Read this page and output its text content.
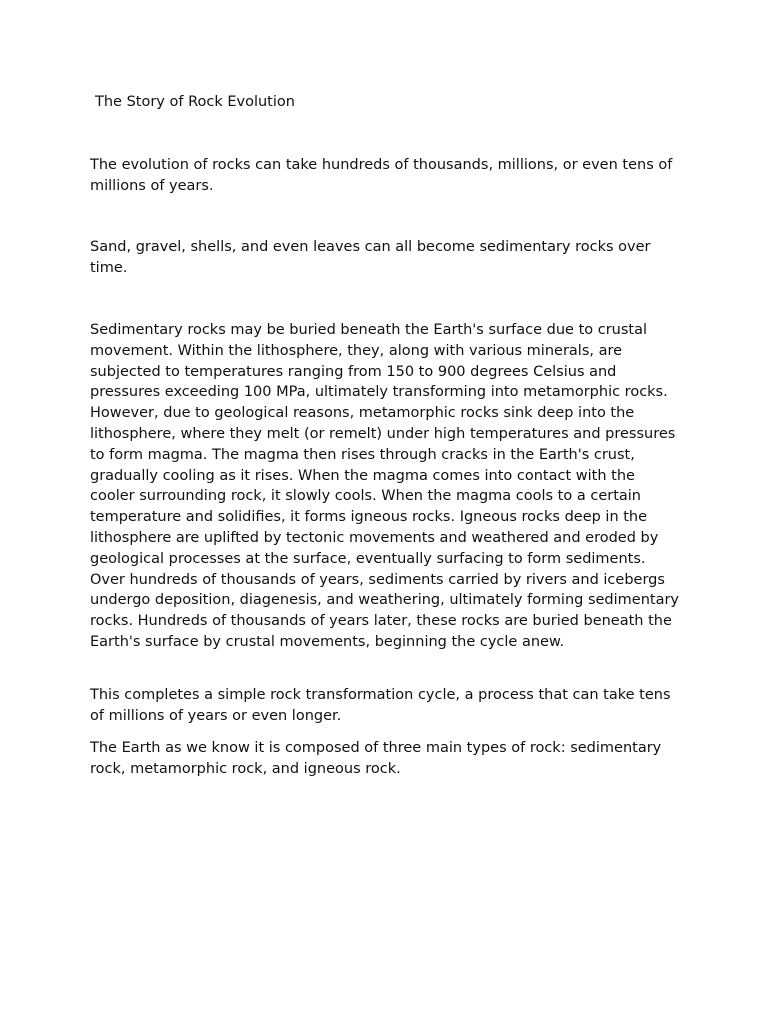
The Story of Rock Evolution

The evolution of rocks can take hundreds of thousands, millions, or even tens of millions of years.

Sand, gravel, shells, and even leaves can all become sedimentary rocks over time.

Sedimentary rocks may be buried beneath the Earth's surface due to crustal movement. Within the lithosphere, they, along with various minerals, are subjected to temperatures ranging from 150 to 900 degrees Celsius and pressures exceeding 100 MPa, ultimately transforming into metamorphic rocks. However, due to geological reasons, metamorphic rocks sink deep into the lithosphere, where they melt (or remelt) under high temperatures and pressures to form magma. The magma then rises through cracks in the Earth's crust, gradually cooling as it rises. When the magma comes into contact with the cooler surrounding rock, it slowly cools. When the magma cools to a certain temperature and solidifies, it forms igneous rocks. Igneous rocks deep in the lithosphere are uplifted by tectonic movements and weathered and eroded by geological processes at the surface, eventually surfacing to form sediments. Over hundreds of thousands of years, sediments carried by rivers and icebergs undergo deposition, diagenesis, and weathering, ultimately forming sedimentary rocks. Hundreds of thousands of years later, these rocks are buried beneath the Earth's surface by crustal movements, beginning the cycle anew.

This completes a simple rock transformation cycle, a process that can take tens of millions of years or even longer.

The Earth as we know it is composed of three main types of rock: sedimentary rock, metamorphic rock, and igneous rock.
